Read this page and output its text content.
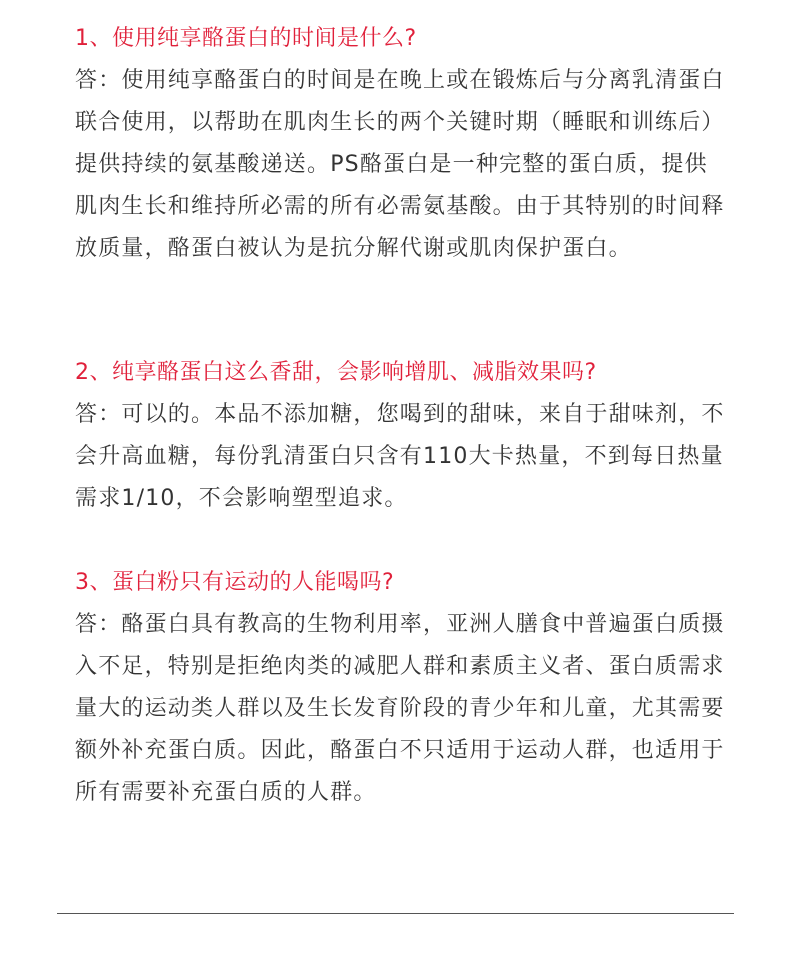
1、使用纯享酪蛋白的时间是什么?
答：使用纯享酪蛋白的时间是在晚上或在锻炼后与分离乳清蛋白联合使用，以帮助在肌肉生长的两个关键时期（睡眠和训练后）提供持续的氨基酸递送。PS酪蛋白是一种完整的蛋白质，提供肌肉生长和维持所必需的所有必需氨基酸。由于其特别的时间释放质量，酪蛋白被认为是抗分解代谢或肌肉保护蛋白。
2、纯享酪蛋白这么香甜，会影响增肌、减脂效果吗?
答：可以的。本品不添加糖，您喝到的甜味，来自于甜味剂，不会升高血糖，每份乳清蛋白只含有110大卡热量，不到每日热量需求1/10，不会影响塑型追求。
3、蛋白粉只有运动的人能喝吗?
答：酪蛋白具有教高的生物利用率，亚洲人膳食中普遍蛋白质摄入不足，特别是拒绝肉类的减肥人群和素质主义者、蛋白质需求量大的运动类人群以及生长发育阶段的青少年和儿童，尤其需要额外补充蛋白质。因此，酪蛋白不只适用于运动人群，也适用于所有需要补充蛋白质的人群。
